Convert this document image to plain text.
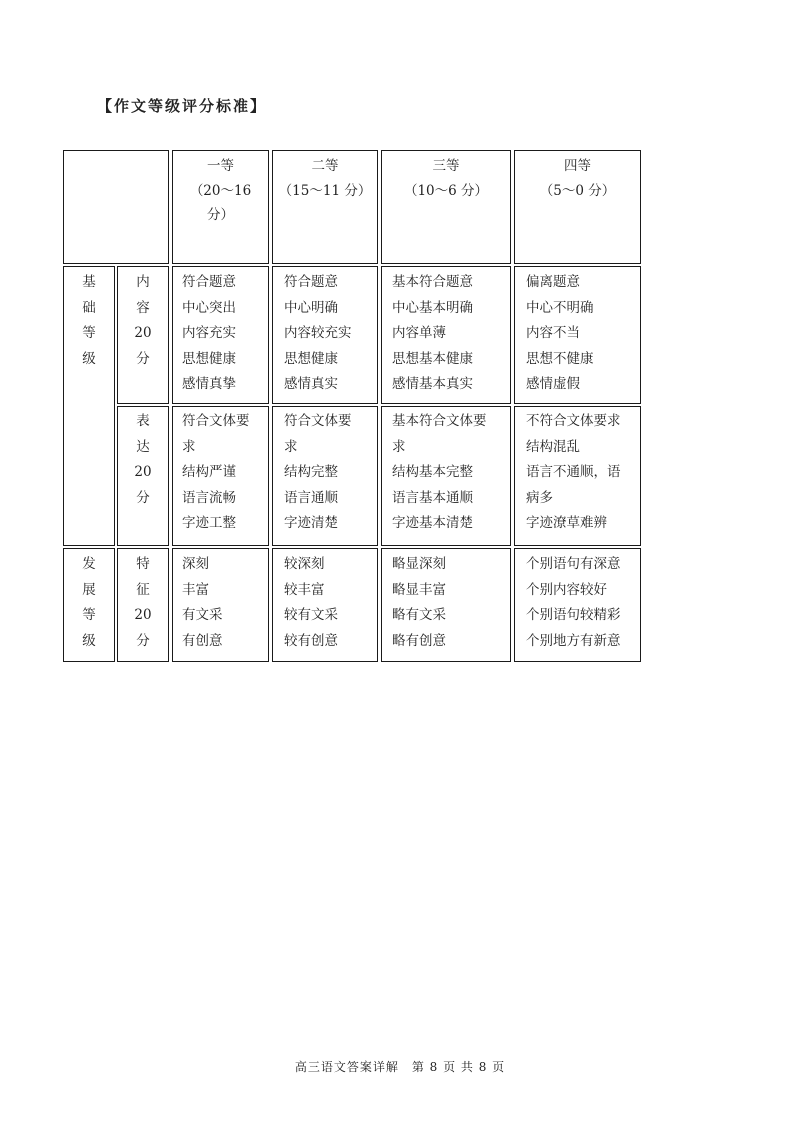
【作文等级评分标准】
一等
（20～16
分）
二等
（15～11 分）
三等
（10～6 分）
四等
（5～0 分）
基
础
等
级
内
容
20
分
符合题意
中心突出
内容充实
思想健康
感情真挚
符合题意
中心明确
内容较充实
思想健康
感情真实
基本符合题意
中心基本明确
内容单薄
思想基本健康
感情基本真实
偏离题意
中心不明确
内容不当
思想不健康
感情虚假
表
达
20
分
符合文体要
求
结构严谨
语言流畅
字迹工整
符合文体要
求
结构完整
语言通顺
字迹清楚
基本符合文体要
求
结构基本完整
语言基本通顺
字迹基本清楚
不符合文体要求
结构混乱
语言不通顺，语
病多
字迹潦草难辨
发
展
等
级
特
征
20
分
深刻
丰富
有文采
有创意
较深刻
较丰富
较有文采
较有创意
略显深刻
略显丰富
略有文采
略有创意
个别语句有深意
个别内容较好
个别语句较精彩
个别地方有新意
高三语文答案详解　第 8 页 共 8 页
